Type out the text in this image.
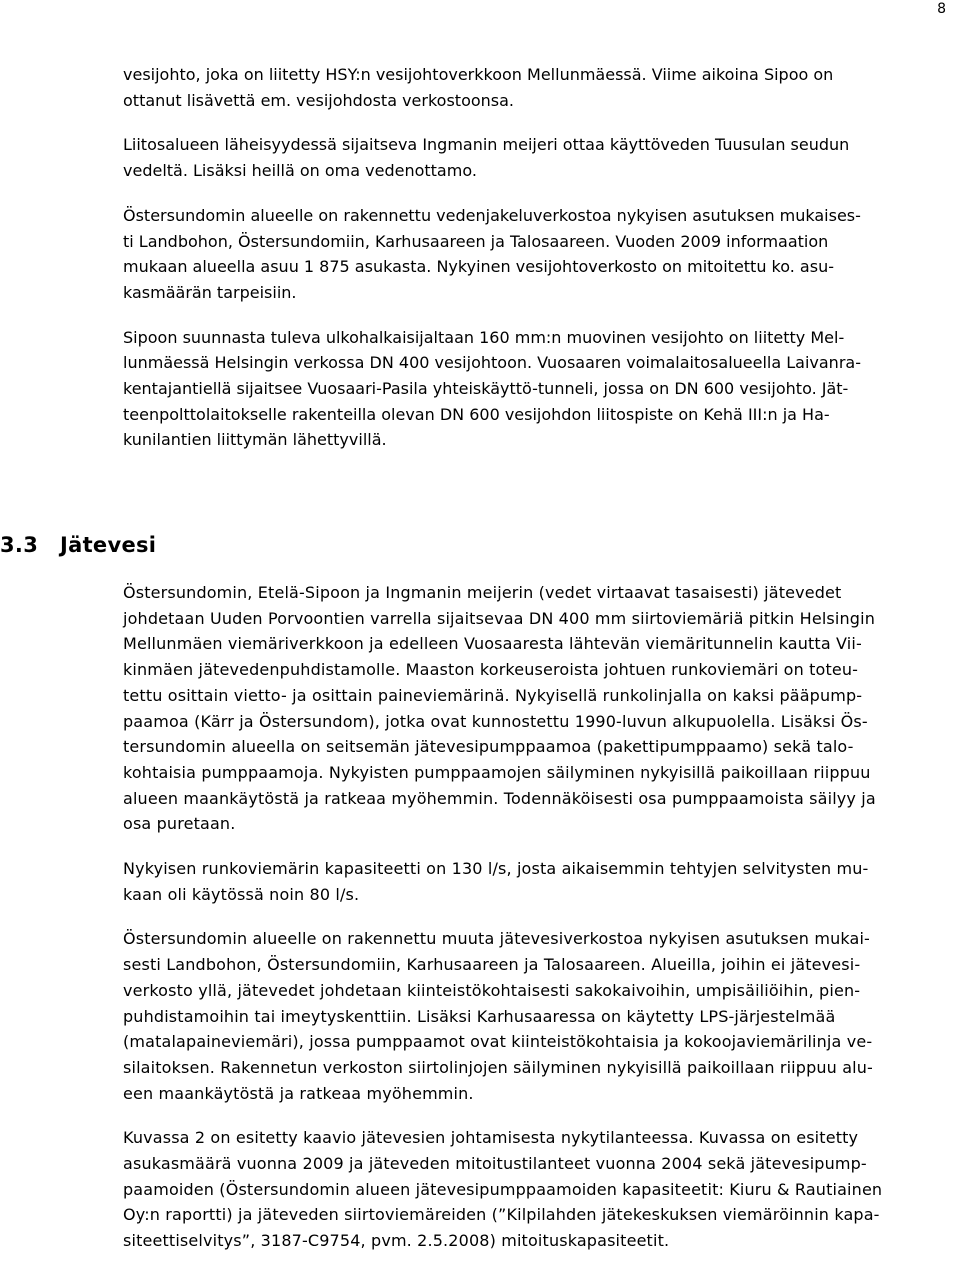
8

vesijohto, joka on liitetty HSY:n vesijohtoverkkoon Mellunmäessä. Viime aikoina Sipoo on
ottanut lisävettä em. vesijohdosta verkostoonsa.

Liitosalueen läheisyydessä sijaitseva Ingmanin meijeri ottaa käyttöveden Tuusulan seudun
vedeltä. Lisäksi heillä on oma vedenottamo.

Östersundomin alueelle on rakennettu vedenjakeluverkostoa nykyisen asutuksen mukaises-
ti Landbohon, Östersundomiin, Karhusaareen ja Talosaareen. Vuoden 2009 informaation
mukaan alueella asuu 1 875 asukasta. Nykyinen vesijohtoverkosto on mitoitettu ko. asu-
kasmäärän tarpeisiin.

Sipoon suunnasta tuleva ulkohalkaisijaltaan 160 mm:n muovinen vesijohto on liitetty Mel-
lunmäessä Helsingin verkossa DN 400 vesijohtoon. Vuosaaren voimalaitosalueella Laivanra-
kentajantiellä sijaitsee Vuosaari-Pasila yhteiskäyttö-tunneli, jossa on DN 600 vesijohto. Jät-
teenpolttolaitokselle rakenteilla olevan DN 600 vesijohdon liitospiste on Kehä III:n ja Ha-
kunilantien liittymän lähettyvillä.

3.3 Jätevesi

Östersundomin, Etelä-Sipoon ja Ingmanin meijerin (vedet virtaavat tasaisesti) jätevedet
johdetaan Uuden Porvoontien varrella sijaitsevaa DN 400 mm siirtoviemäriä pitkin Helsingin
Mellunmäen viemäriverkkoon ja edelleen Vuosaaresta lähtevän viemäritunnelin kautta Vii-
kinmäen jätevedenpuhdistamolle. Maaston korkeuseroista johtuen runkoviemäri on toteu-
tettu osittain vietto- ja osittain paineviemärinä. Nykyisellä runkolinjalla on kaksi pääpump-
paamoa (Kärr ja Östersundom), jotka ovat kunnostettu 1990-luvun alkupuolella. Lisäksi Ös-
tersundomin alueella on seitsemän jätevesipumppaamoa (pakettipumppaamo) sekä talo-
kohtaisia pumppaamoja. Nykyisten pumppaamojen säilyminen nykyisillä paikoillaan riippuu
alueen maankäytöstä ja ratkeaa myöhemmin. Todennäköisesti osa pumppaamoista säilyy ja
osa puretaan.

Nykyisen runkoviemärin kapasiteetti on 130 l/s, josta aikaisemmin tehtyjen selvitysten mu-
kaan oli käytössä noin 80 l/s.

Östersundomin alueelle on rakennettu muuta jätevesiverkostoa nykyisen asutuksen mukai-
sesti Landbohon, Östersundomiin, Karhusaareen ja Talosaareen. Alueilla, joihin ei jätevesi-
verkosto yllä, jätevedet johdetaan kiinteistökohtaisesti sakokaivoihin, umpisäiliöihin, pien-
puhdistamoihin tai imeytyskenttiin. Lisäksi Karhusaaressa on käytetty LPS-järjestelmää
(matalapaineviemäri), jossa pumppaamot ovat kiinteistökohtaisia ja kokoojaviemärilinja ve-
silaitoksen. Rakennetun verkoston siirtolinjojen säilyminen nykyisillä paikoillaan riippuu alu-
een maankäytöstä ja ratkeaa myöhemmin.

Kuvassa 2 on esitetty kaavio jätevesien johtamisesta nykytilanteessa. Kuvassa on esitetty
asukasmäärä vuonna 2009 ja jäteveden mitoitustilanteet vuonna 2004 sekä jätevesipump-
paamoiden (Östersundomin alueen jätevesipumppaamoiden kapasiteetit: Kiuru & Rautiainen
Oy:n raportti) ja jäteveden siirtoviemäreiden (”Kilpilahden jätekeskuksen viemäröinnin kapa-
siteettiselvitys”, 3187-C9754, pvm. 2.5.2008) mitoituskapasiteetit.
